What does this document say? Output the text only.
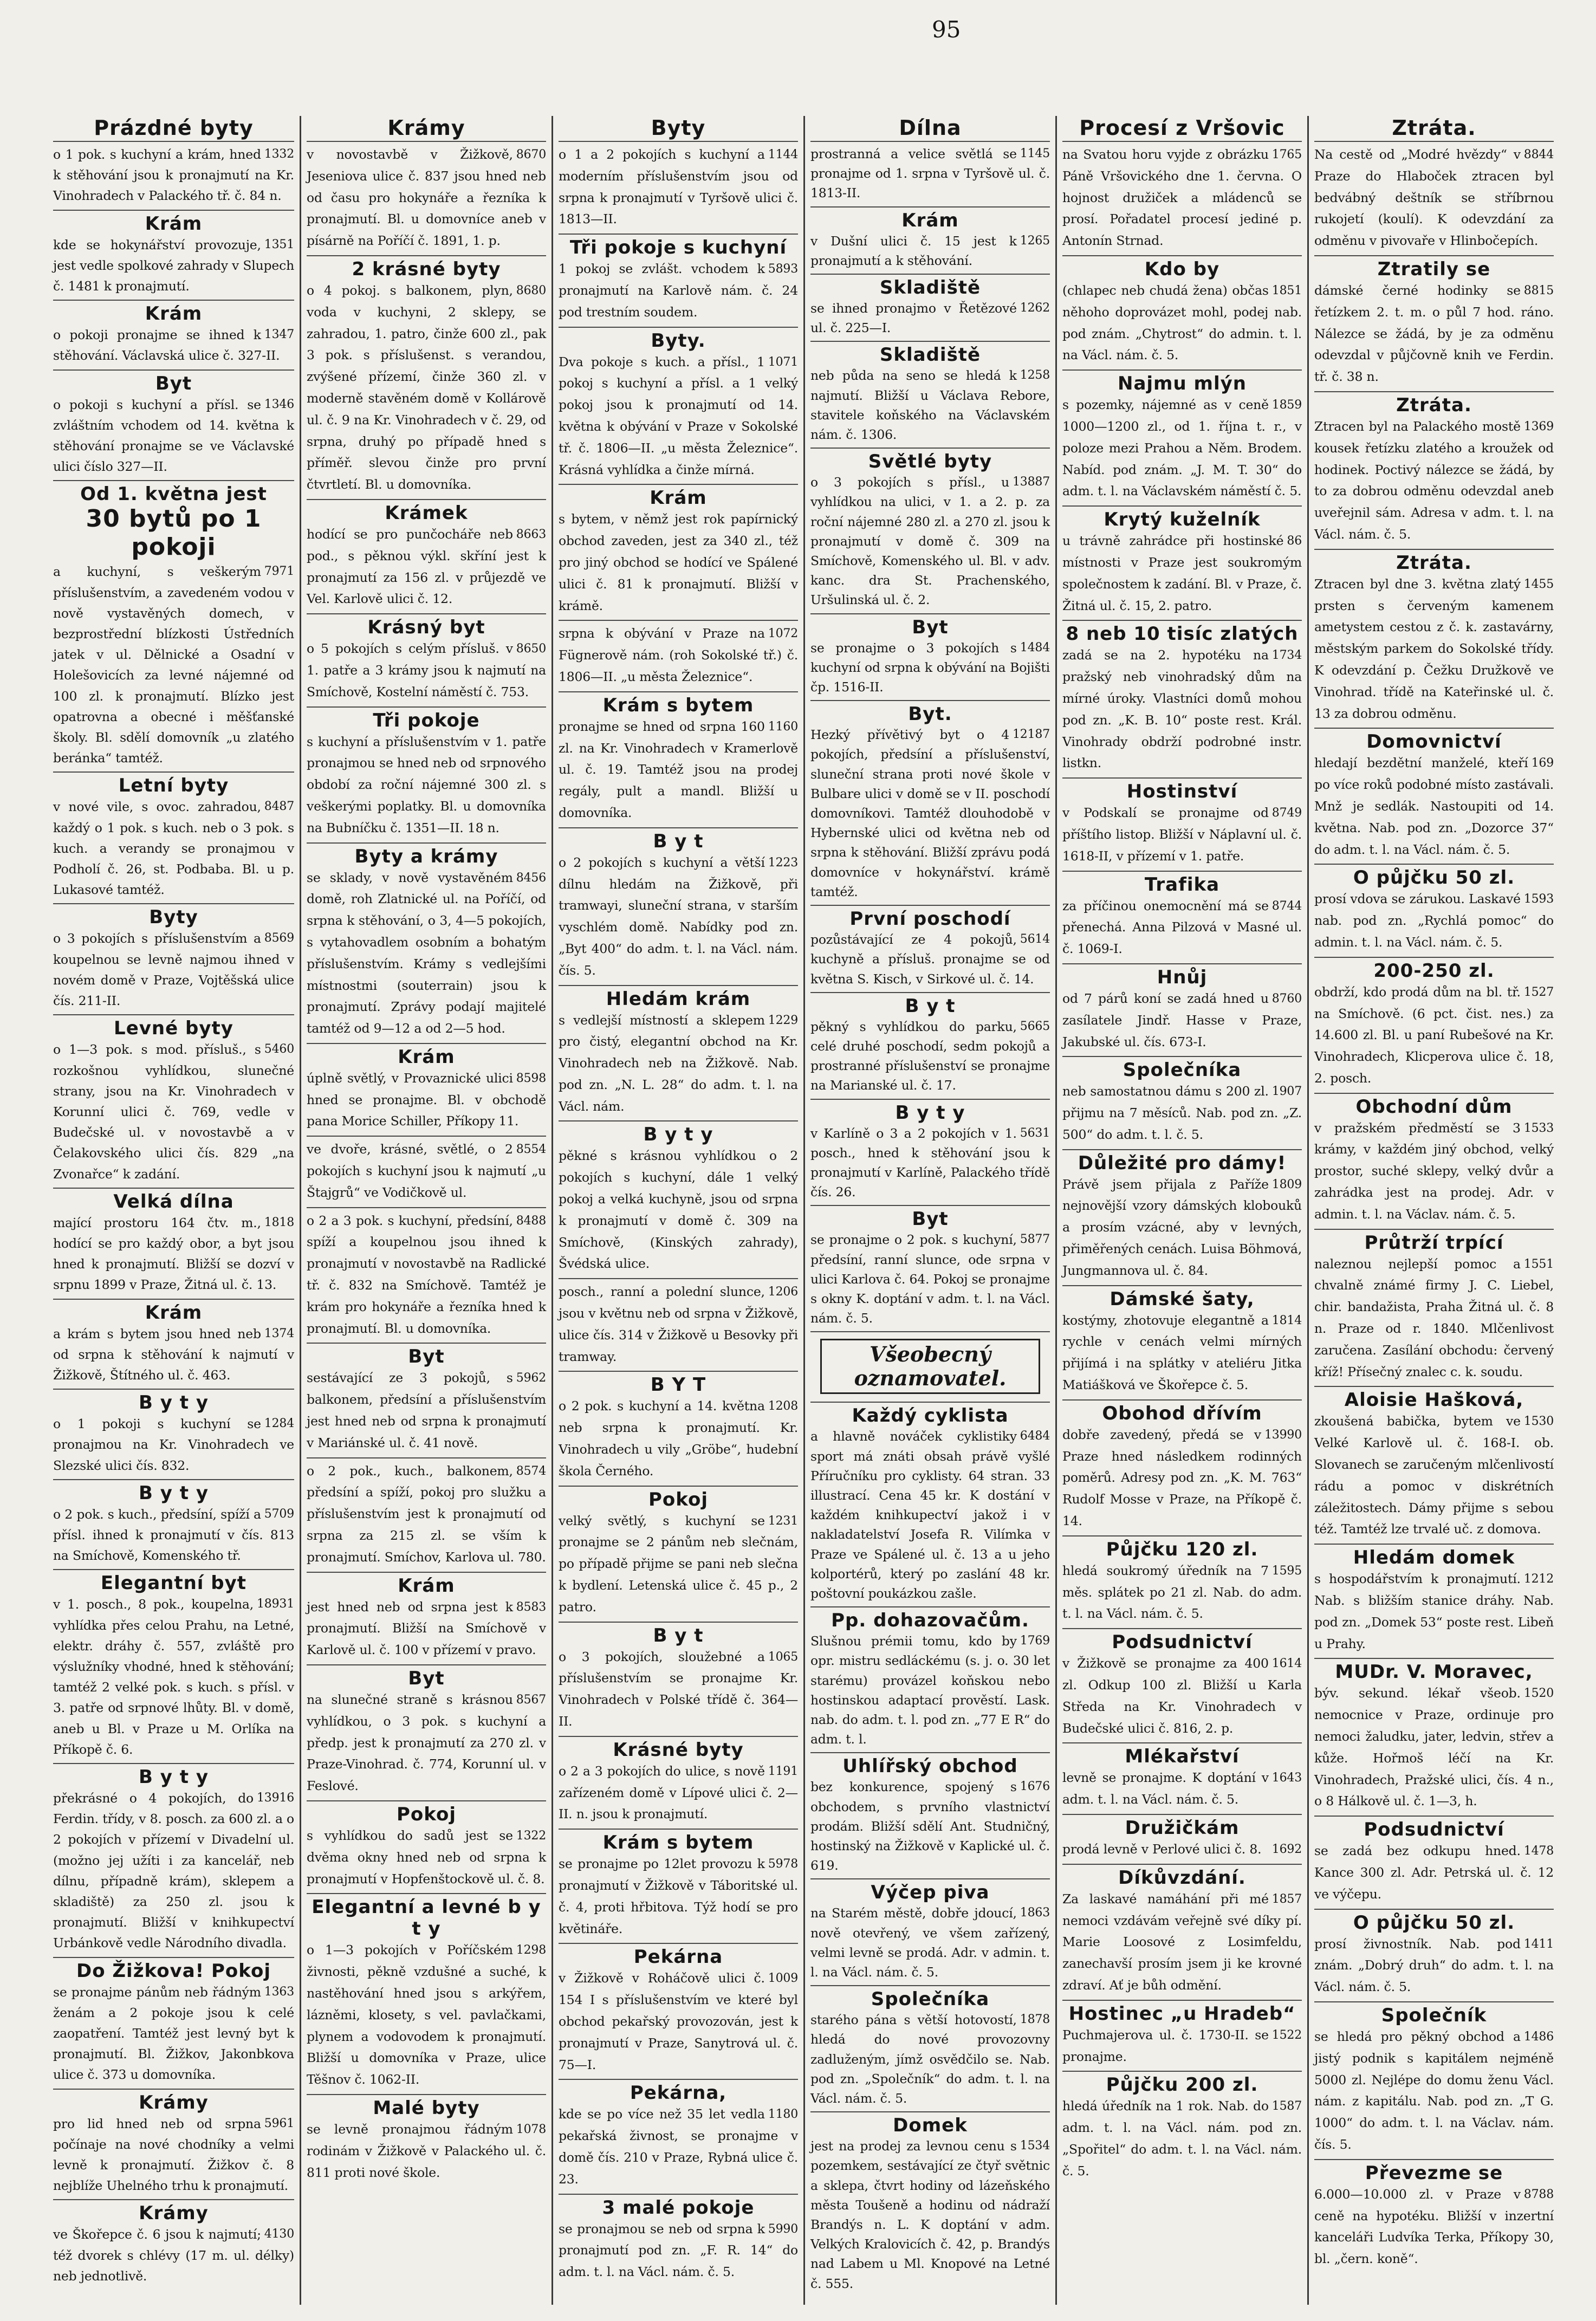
95
Prázdné byty
1332
o 1 pok. s kuchyní a krám, hned k stěhování jsou k pronajmutí na Kr. Vinohradech v Palackého tř. č. 84 n.
Krám
1351
kde se hokynářství provozuje, jest vedle spolkové zahrady v Slupech č. 1481 k pronajmutí.
Krám
1347
o pokoji pronajme se ihned k stěhování. Václavská ulice č. 327-II.
Byt
1346
o pokoji s kuchyní a přísl. se zvláštním vchodem od 14. května k stěhování pronajme se ve Václavské ulici číslo 327—II.
Od 1. května jest
30 bytů po 1 pokoji
7971
a kuchyní, s veškerým příslušenstvím, a zavedeném vodou v nově vystavěných domech, v bezprostřední blízkosti Ústředních jatek v ul. Dělnické a Osadní v Holešovicích za levné nájemné od 100 zl. k pronajmutí. Blízko jest opatrovna a obecné i měšťanské školy. Bl. sdělí domovník „u zlatého beránka“ tamtéž.
Letní byty
8487
v nové vile, s ovoc. zahradou, každý o 1 pok. s kuch. neb o 3 pok. s kuch. a verandy se pronajmou v Podholí č. 26, st. Podbaba. Bl. u p. Lukasové tamtéž.
Byty
8569
o 3 pokojích s příslušenstvím a koupelnou se levně najmou ihned v novém domě v Praze, Vojtěšská ulice čís. 211-II.
Levné byty
5460
o 1—3 pok. s mod. přísluš., s rozkošnou vyhlídkou, slunečné strany, jsou na Kr. Vinohradech v Korunní ulici č. 769, vedle v Budečské ul. v novostavbě a v Čelakovského ulici čís. 829 „na Zvonařce“ k zadání.
Velká dílna
1818
mající prostoru 164 čtv. m., hodící se pro každý obor, a byt jsou hned k pronajmutí. Bližší se dozví v srpnu 1899 v Praze, Žitná ul. č. 13.
Krám
1374
a krám s bytem jsou hned neb od srpna k stěhování k najmutí v Žižkově, Štítného ul. č. 463.
B y t y
1284
o 1 pokoji s kuchyní se pronajmou na Kr. Vinohradech ve Slezské ulici čís. 832.
B y t y
5709
o 2 pok. s kuch., předsíní, spíží a přísl. ihned k pronajmutí v čís. 813 na Smíchově, Komenského tř.
Elegantní byt
18931
v 1. posch., 8 pok., koupelna, vyhlídka přes celou Prahu, na Letné, elektr. dráhy č. 557, zvláště pro výslužníky vhodné, hned k stěhování; tamtéž 2 velké pok. s kuch. s přísl. v 3. patře od srpnové lhůty. Bl. v domě, aneb u Bl. v Praze u M. Orlíka na Příkopě č. 6.
B y t y
13916
překrásné o 4 pokojích, do Ferdin. třídy, v 8. posch. za 600 zl. a o 2 pokojích v přízemí v Divadelní ul. (možno jej užíti i za kancelář, neb dílnu, případně krám), sklepem a skladiště) za 250 zl. jsou k pronajmutí. Bližší v knihkupectví Urbánkově vedle Národního divadla.
Do Žižkova! Pokoj
1363
se pronajme pánům neb řádným ženám a 2 pokoje jsou k celé zaopatření. Tamtéž jest levný byt k pronajmutí. Bl. Žižkov, Jakonbkova ulice č. 373 u domovníka.
Krámy
5961
pro lid hned neb od srpna počínaje na nové chodníky a velmi levně k pronajmutí. Žižkov č. 8 nejblíže Uhelného trhu k pronajmutí.
Krámy
4130
ve Škořepce č. 6 jsou k najmutí; též dvorek s chlévy (17 m. ul. délky) neb jednotlivě.
Krámy
8670
v novostavbě v Žižkově, Jeseniova ulice č. 837 jsou hned neb od času pro hokynáře a řezníka k pronajmutí. Bl. u domovníce aneb v písárně na Poříčí č. 1891, 1. p.
2 krásné byty
8680
o 4 pokoj. s balkonem, plyn, voda v kuchyni, 2 sklepy, se zahradou, 1. patro, činže 600 zl., pak 3 pok. s příslušenst. s verandou, zvýšené přízemí, činže 360 zl. v moderně stavěném domě v Kollárově ul. č. 9 na Kr. Vinohradech v č. 29, od srpna, druhý po případě hned s příměř. slevou činže pro první čtvrtletí. Bl. u domovníka.
Krámek
8663
hodící se pro punčocháře neb pod., s pěknou výkl. skříní jest k pronajmutí za 156 zl. v průjezdě ve Vel. Karlově ulici č. 12.
Krásný byt
8650
o 5 pokojích s celým přísluš. v 1. patře a 3 krámy jsou k najmutí na Smíchově, Kostelní náměstí č. 753.
Tři pokoje
s kuchyní a příslušenstvím v 1. patře pronajmou se hned neb od srpnového období za roční nájemné 300 zl. s veškerými poplatky. Bl. u domovníka na Bubníčku č. 1351—II. 18 n.
Byty a krámy
8456
se sklady, v nově vystavěném domě, roh Zlatnické ul. na Poříčí, od srpna k stěhování, o 3, 4—5 pokojích, s vytahovadlem osobním a bohatým příslušenstvím. Krámy s vedlejšími místnostmi (souterrain) jsou k pronajmutí. Zprávy podají majitelé tamtéž od 9—12 a od 2—5 hod.
Krám
8598
úplně světlý, v Provaznické ulici hned se pronajme. Bl. v obchodě pana Morice Schiller, Příkopy 11.
8554
ve dvoře, krásné, světlé, o 2 pokojích s kuchyní jsou k najmutí „u Štajgrů“ ve Vodičkově ul.
8488
o 2 a 3 pok. s kuchyní, předsíní, spíží a koupelnou jsou ihned k pronajmutí v novostavbě na Radlické tř. č. 832 na Smíchově. Tamtéž je krám pro hokynáře a řezníka hned k pronajmutí. Bl. u domovníka.
Byt
5962
sestávající ze 3 pokojů, s balkonem, předsíní a příslušenstvím jest hned neb od srpna k pronajmutí v Mariánské ul. č. 41 nově.
8574
o 2 pok., kuch., balkonem, předsíní a spíží, pokoj pro služku a příslušenstvím jest k pronajmutí od srpna za 215 zl. se vším k pronajmutí. Smíchov, Karlova ul. 780.
Krám
8583
jest hned neb od srpna jest k pronajmutí. Bližší na Smíchově v Karlově ul. č. 100 v přízemí v pravo.
Byt
8567
na slunečné straně s krásnou vyhlídkou, o 3 pok. s kuchyní a předp. jest k pronajmutí za 270 zl. v Praze-Vinohrad. č. 774, Korunní ul. v Feslové.
Pokoj
1322
s vyhlídkou do sadů jest se dvěma okny hned neb od srpna k pronajmutí v Hopfenštockově ul. č. 8.
Elegantní a levné b y t y
1298
o 1—3 pokojích v Poříčském živnosti, pěkně vzdušné a suché, k nastěhování hned jsou s arkýřem, lázněmi, klosety, s vel. pavlačkami, plynem a vodovodem k pronajmutí. Bližší u domovníka v Praze, ulice Těšnov č. 1062-II.
Malé byty
1078
se levně pronajmou řádným rodinám v Žižkově v Palackého ul. č. 811 proti nové škole.
Byty
1144
o 1 a 2 pokojích s kuchyní a moderním příslušenstvím jsou od srpna k pronajmutí v Tyršově ulici č. 1813—II.
Tři pokoje s kuchyní
5893
1 pokoj se zvlášt. vchodem k pronajmutí na Karlově nám. č. 24 pod trestním soudem.
Byty.
1071
Dva pokoje s kuch. a přísl., 1 pokoj s kuchyní a přísl. a 1 velký pokoj jsou k pronajmutí od 14. května k obývání v Praze v Sokolské tř. č. 1806—II. „u města Železnice“. Krásná vyhlídka a činže mírná.
Krám
s bytem, v němž jest rok papírnický obchod zaveden, jest za 340 zl., též pro jiný obchod se hodící ve Spálené ulici č. 81 k pronajmutí. Bližší v krámě.
1072
srpna k obývání v Praze na Fügnerově nám. (roh Sokolské tř.) č. 1806—II. „u města Železnice“.
Krám s bytem
1160
pronajme se hned od srpna 160 zl. na Kr. Vinohradech v Kramerlově ul. č. 19. Tamtéž jsou na prodej regály, pult a mandl. Bližší u domovníka.
B y t
1223
o 2 pokojích s kuchyní a větší dílnu hledám na Žižkově, při tramwayi, sluneční strana, v starším vyschlém domě. Nabídky pod zn. „Byt 400“ do adm. t. l. na Václ. nám. čís. 5.
Hledám krám
1229
s vedlejší místností a sklepem pro čistý, elegantní obchod na Kr. Vinohradech neb na Žižkově. Nab. pod zn. „N. L. 28“ do adm. t. l. na Václ. nám.
B y t y
pěkné s krásnou vyhlídkou o 2 pokojích s kuchyní, dále 1 velký pokoj a velká kuchyně, jsou od srpna k pronajmutí v domě č. 309 na Smíchově, (Kinských zahrady), Švédská ulice.
1206
posch., ranní a polední slunce, jsou v květnu neb od srpna v Žižkově, ulice čís. 314 v Žižkově u Besovky při tramway.
B Y T
1208
o 2 pok. s kuchyní a 14. května neb srpna k pronajmutí. Kr. Vinohradech u vily „Gröbe“, hudební škola Černého.
Pokoj
1231
velký světlý, s kuchyní se pronajme se 2 pánům neb slečnám, po případě přijme se pani neb slečna k bydlení. Letenská ulice č. 45 p., 2 patro.
B y t
1065
o 3 pokojích, sloužebné a příslušenstvím se pronajme Kr. Vinohradech v Polské třídě č. 364—II.
Krásné byty
1191
o 2 a 3 pokojích do ulice, s nově zařízeném domě v Lípové ulici č. 2—II. n. jsou k pronajmutí.
Krám s bytem
5978
se pronajme po 12let provozu k pronajmutí v Žižkově v Táboritské ul. č. 4, proti hřbitova. Týž hodí se pro květináře.
Pekárna
1009
v Žižkově v Roháčově ulici č. 154 I s příslušenstvím ve které byl obchod pekařský provozován, jest k pronajmutí v Praze, Sanytrová ul. č. 75—I.
Pekárna,
1180
kde se po více než 35 let vedla pekařská živnost, se pronajme v domě čís. 210 v Praze, Rybná ulice č. 23.
3 malé pokoje
5990
se pronajmou se neb od srpna k pronajmutí pod zn. „F. R. 14“ do adm. t. l. na Václ. nám. č. 5.
Dílna
1145
prostranná a velice světlá se pronajme od 1. srpna v Tyršově ul. č. 1813-II.
Krám
1265
v Dušní ulici č. 15 jest k pronajmutí a k stěhování.
Skladiště
1262
se ihned pronajmo v Řetězové ul. č. 225—I.
Skladiště
1258
neb půda na seno se hledá k najmutí. Bližší u Václava Rebore, stavitele koňského na Václavském nám. č. 1306.
Světlé byty
13887
o 3 pokojích s přísl., u vyhlídkou na ulici, v 1. a 2. p. za roční nájemné 280 zl. a 270 zl. jsou k pronajmutí v domě č. 309 na Smíchově, Komenského ul. Bl. v adv. kanc. dra St. Prachenského, Uršulinská ul. č. 2.
Byt
1484
se pronajme o 3 pokojích s kuchyní od srpna k obývání na Bojišti čp. 1516-II.
Byt.
12187
Hezký přívětivý byt o 4 pokojích, předsíní a příslušenství, sluneční strana proti nové škole v Bulbare ulici v domě se v II. poschodí domovníkovi. Tamtéž dlouhodobě v Hybernské ulici od května neb od srpna k stěhování. Bližší zprávu podá domovníce v hokynářství. krámě tamtéž.
První poschodí
5614
pozůstávající ze 4 pokojů, kuchyně a přísluš. pronajme se od května S. Kisch, v Sirkové ul. č. 14.
B y t
5665
pěkný s vyhlídkou do parku, celé druhé poschodí, sedm pokojů a prostranné příslušenství se pronajme na Marianské ul. č. 17.
B y t y
5631
v Karlíně o 3 a 2 pokojích v 1. posch., hned k stěhování jsou k pronajmutí v Karlíně, Palackého třídě čís. 26.
Byt
5877
se pronajme o 2 pok. s kuchyní, předsíní, ranní slunce, ode srpna v ulici Karlova č. 64. Pokoj se pronajme s okny K. doptání v adm. t. l. na Václ. nám. č. 5.
Všeobecný oznamovatel.
Každý cyklista
6484
a hlavně nováček cyklistiky sport má znáti obsah právě vyšlé Příručníku pro cyklisty. 64 stran. 33 illustrací. Cena 45 kr. K dostání v každém knihkupectví jakož i v nakladatelství Josefa R. Vilímka v Praze ve Spálené ul. č. 13 a u jeho kolportérů, který po zaslání 48 kr. poštovní poukázkou zašle.
Pp. dohazovačům.
1769
Slušnou prémii tomu, kdo by opr. mistru sedláckému (s. j. o. 30 let starému) provázel koňskou nebo hostinskou adaptací prověstí. Lask. nab. do adm. t. l. pod zn. „77 E R“ do adm. t. l.
Uhlířský obchod
1676
bez konkurence, spojený s obchodem, s prvního vlastnictví prodám. Bližší sdělí Ant. Studničný, hostinský na Žižkově v Kaplické ul. č. 619.
Výčep piva
1863
na Starém městě, dobře jdoucí, nově otevřený, ve všem zařízený, velmi levně se prodá. Adr. v admin. t. l. na Václ. nám. č. 5.
Společníka
1878
starého pána s větší hotovostí, hledá do nové provozovny zadluženým, jímž osvědčilo se. Nab. pod zn. „Společník“ do adm. t. l. na Václ. nám. č. 5.
Domek
1534
jest na prodej za levnou cenu s pozemkem, sestávající ze čtyř světnic a sklepa, čtvrt hodiny od lázeňského města Toušeně a hodinu od nádraží Brandýs n. L. K doptání v adm. Velkých Kralovicích č. 42, p. Brandýs nad Labem u Ml. Knopové na Letné č. 555.
Procesí z Vršovic
1765
na Svatou horu vyjde z obrázku Páně Vršovického dne 1. června. O hojnost družiček a mládenců se prosí. Pořadatel procesí jediné p. Antonín Strnad.
Kdo by
1851
(chlapec neb chudá žena) občas něhoho doprovázet mohl, podej nab. pod znám. „Chytrost“ do admin. t. l. na Václ. nám. č. 5.
Najmu mlýn
1859
s pozemky, nájemné as v ceně 1000—1200 zl., od 1. října t. r., v poloze mezi Prahou a Něm. Brodem. Nabíd. pod znám. „J. M. T. 30“ do adm. t. l. na Václavském náměstí č. 5.
Krytý kuželník
86
u trávně zahrádce při hostinské místnosti v Praze jest soukromým společnostem k zadání. Bl. v Praze, č. Žitná ul. č. 15, 2. patro.
8 neb 10 tisíc zlatých
1734
zadá se na 2. hypotéku na pražský neb vinohradský dům na mírné úroky. Vlastníci domů mohou pod zn. „K. B. 10“ poste rest. Král. Vinohrady obdrží podrobné instr. listkn.
Hostinství
8749
v Podskalí se pronajme od příštího listop. Bližší v Náplavní ul. č. 1618-II, v přízemí v 1. patře.
Trafika
8744
za příčinou onemocnění má se přenechá. Anna Pilzová v Masné ul. č. 1069-I.
Hnůj
8760
od 7 párů koní se zadá hned u zasílatele Jindř. Hasse v Praze, Jakubské ul. čís. 673-I.
Společníka
1907
neb samostatnou dámu s 200 zl. přijmu na 7 měsíců. Nab. pod zn. „Z. 500“ do adm. t. l. č. 5.
Důležité pro dámy!
1809
Právě jsem přijala z Paříže nejnovější vzory dámských klobouků a prosím vzácné, aby v levných, přiměřených cenách. Luisa Böhmová, Jungmannova ul. č. 84.
Dámské šaty,
1814
kostýmy, zhotovuje elegantně a rychle v cenách velmi mírných přijímá i na splátky v ateliéru Jitka Matiášková ve Škořepce č. 5.
Obohod dřívím
13990
dobře zavedený, předá se v Praze hned následkem rodinných poměrů. Adresy pod zn. „K. M. 763“ Rudolf Mosse v Praze, na Příkopě č. 14.
Půjčku 120 zl.
1595
hledá soukromý úředník na 7 měs. splátek po 21 zl. Nab. do adm. t. l. na Václ. nám. č. 5.
Podsudnictví
1614
v Žižkově se pronajme za 400 zl. Odkup 100 zl. Bližší u Karla Středa na Kr. Vinohradech v Budečské ulici č. 816, 2. p.
Mlékařství
1643
levně se pronajme. K doptání v adm. t. l. na Václ. nám. č. 5.
Družičkám
1692
prodá levně v Perlové ulici č. 8.
Díkůvzdání.
1857
Za laskavé namáhání při mé nemoci vzdávám veřejně své díky pí. Marie Loosové z Losimfeldu, zanechavší prosím jsem ji ke krovné zdraví. Ať je bůh odmění.
Hostinec „u Hradeb“
1522
Puchmajerova ul. č. 1730-II. se pronajme.
Půjčku 200 zl.
1587
hledá úředník na 1 rok. Nab. do adm. t. l. na Václ. nám. pod zn. „Spořitel“ do adm. t. l. na Václ. nám. č. 5.
Ztráta.
8844
Na cestě od „Modré hvězdy“ v Praze do Hlaboček ztracen byl bedvábný deštník se stříbrnou rukojetí (koulí). K odevzdání za odměnu v pivovaře v Hlinbočepích.
Ztratily se
8815
dámské černé hodinky se řetízkem 2. t. m. o půl 7 hod. ráno. Nálezce se žádá, by je za odměnu odevzdal v půjčovně knih ve Ferdin. tř. č. 38 n.
Ztráta.
1369
Ztracen byl na Palackého mostě kousek řetízku zlatého a kroužek od hodinek. Poctivý nálezce se žádá, by to za dobrou odměnu odevzdal aneb uveřejnil sám. Adresa v adm. t. l. na Václ. nám. č. 5.
Ztráta.
1455
Ztracen byl dne 3. května zlatý prsten s červeným kamenem ametystem cestou z č. k. zastavárny, městským parkem do Sokolské třídy. K odevzdání p. Čežku Družkově ve Vinohrad. třídě na Kateřinské ul. č. 13 za dobrou odměnu.
Domovnictví
169
hledají bezdětní manželé, kteří po více roků podobné místo zastávali. Mnž je sedlák. Nastoupiti od 14. května. Nab. pod zn. „Dozorce 37“ do adm. t. l. na Václ. nám. č. 5.
O půjčku 50 zl.
1593
prosí vdova se zárukou. Laskavé nab. pod zn. „Rychlá pomoc“ do admin. t. l. na Václ. nám. č. 5.
200-250 zl.
1527
obdrží, kdo prodá dům na bl. tř. na Smíchově. (6 pct. čist. nes.) za 14.600 zl. Bl. u paní Rubešové na Kr. Vinohradech, Klicperova ulice č. 18, 2. posch.
Obchodní dům
1533
v pražském předměstí se 3 krámy, v každém jiný obchod, velký prostor, suché sklepy, velký dvůr a zahrádka jest na prodej. Adr. v admin. t. l. na Václav. nám. č. 5.
Průtrží trpící
1551
naleznou nejlepší pomoc a chvalně známé firmy J. C. Liebel, chir. bandažista, Praha Žitná ul. č. 8 n. Praze od r. 1840. Mlčenlivost zaručena. Zasílání obchodu: červený kříž! Přísečný znalec c. k. soudu.
Aloisie Hašková,
1530
zkoušená babička, bytem ve Velké Karlově ul. č. 168-I. ob. Slovanech se zaručeným mlčenlivostí rádu a pomoc v diskrétních záležitostech. Dámy přijme s sebou též. Tamtéž lze trvalé uč. z domova.
Hledám domek
1212
s hospodářstvím k pronajmutí. Nab. s bližším stanice dráhy. Nab. pod zn. „Domek 53“ poste rest. Libeň u Prahy.
MUDr. V. Moravec,
1520
býv. sekund. lékař všeob. nemocnice v Praze, ordinuje pro nemoci žaludku, jater, ledvin, střev a kůže. Hořmoš léčí na Kr. Vinohradech, Pražské ulici, čís. 4 n., o 8 Hálkově ul. č. 1—3, h.
Podsudnictví
1478
se zadá bez odkupu hned. Kance 300 zl. Adr. Petrská ul. č. 12 ve výčepu.
O půjčku 50 zl.
1411
prosí živnostník. Nab. pod znám. „Dobrý druh“ do adm. t. l. na Václ. nám. č. 5.
Společník
1486
se hledá pro pěkný obchod a jistý podnik s kapitálem nejméně 5000 zl. Nejlépe do domu ženu Václ. nám. z kapitálu. Nab. pod zn. „T G. 1000“ do adm. t. l. na Václav. nám. čís. 5.
Převezme se
8788
6.000—10.000 zl. v Praze v ceně na hypotéku. Bližší v inzertní kanceláři Ludvíka Terka, Příkopy 30, bl. „čern. koně“.
